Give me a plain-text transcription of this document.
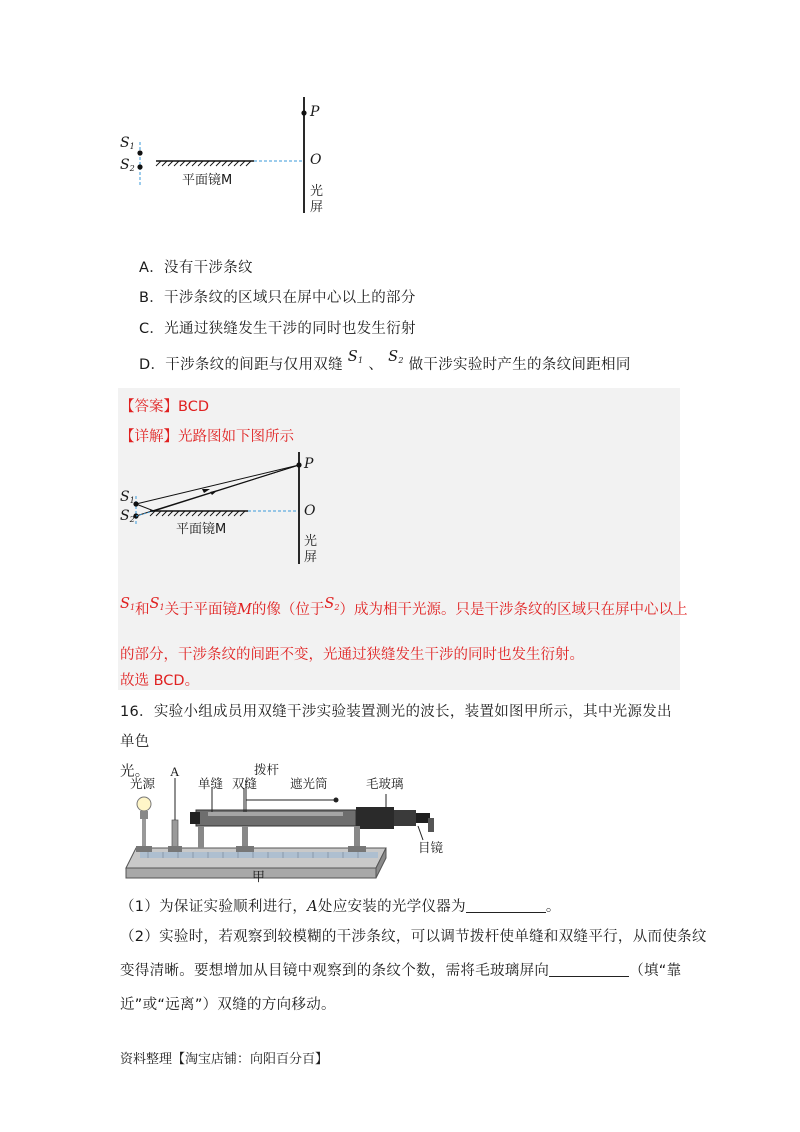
$S_1$
$S_2$
P
O
平面镜M
光
屏
A．没有干涉条纹
B．干涉条纹的区域只在屏中心以上的部分
C．光通过狭缝发生干涉的同时也发生衍射
D．干涉条纹的间距与仅用双缝 $S_1$ 、 $S_2$ 做干涉实验时产生的条纹间距相同
【答案】BCD
【详解】光路图如下图所示
$S_1$
$S_2$
P
O
平面镜M
光
屏
$S_1$和$S_1$关于平面镜M的像（位于$S_2$）成为相干光源。只是干涉条纹的区域只在屏中心以上
的部分，干涉条纹的间距不变，光通过狭缝发生干涉的同时也发生衍射。
故选 BCD。
16．实验小组成员用双缝干涉实验装置测光的波长，装置如图甲所示，其中光源发出单色
光。
光源
A
单缝 双缝
拨杆
遮光筒	毛玻璃
目镜
甲
（1）为保证实验顺利进行，A处应安装的光学仪器为	。
（2）实验时，若观察到较模糊的干涉条纹，可以调节拨杆使单缝和双缝平行，从而使条纹
变得清晰。要想增加从目镜中观察到的条纹个数，需将毛玻璃屏向	（填“靠
近”或“远离”）双缝的方向移动。
资料整理【淘宝店铺：向阳百分百】
